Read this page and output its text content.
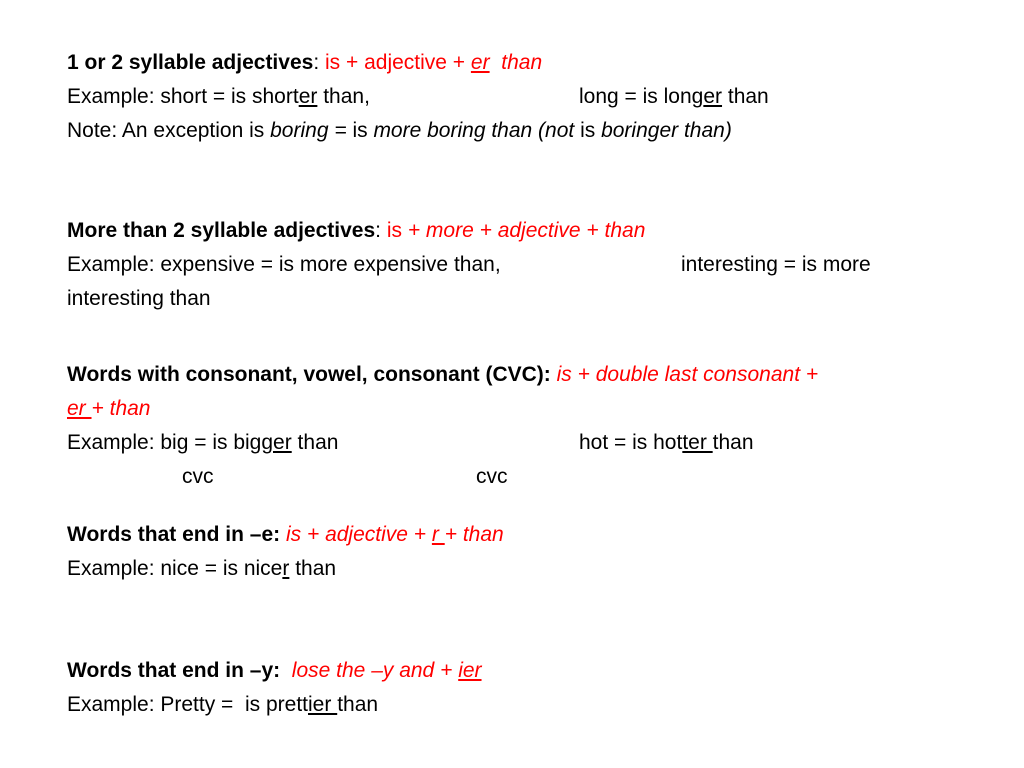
1 or 2 syllable adjectives: is + adjective + er  than
Example: short = is shorter than,	long = is longer than
Note: An exception is boring = is more boring than (not is boringer than)
More than 2 syllable adjectives: is + more + adjective + than
Example: expensive = is more expensive than,	interesting = is more
interesting than
Words with consonant, vowel, consonant (CVC): is + double last consonant +
er + than
Example: big = is bigger than	hot = is hotter than
cvc	cvc
Words that end in –e: is + adjective + r + than
Example: nice = is nicer than
Words that end in –y:  lose the –y and + ier
Example: Pretty =  is prettier than
